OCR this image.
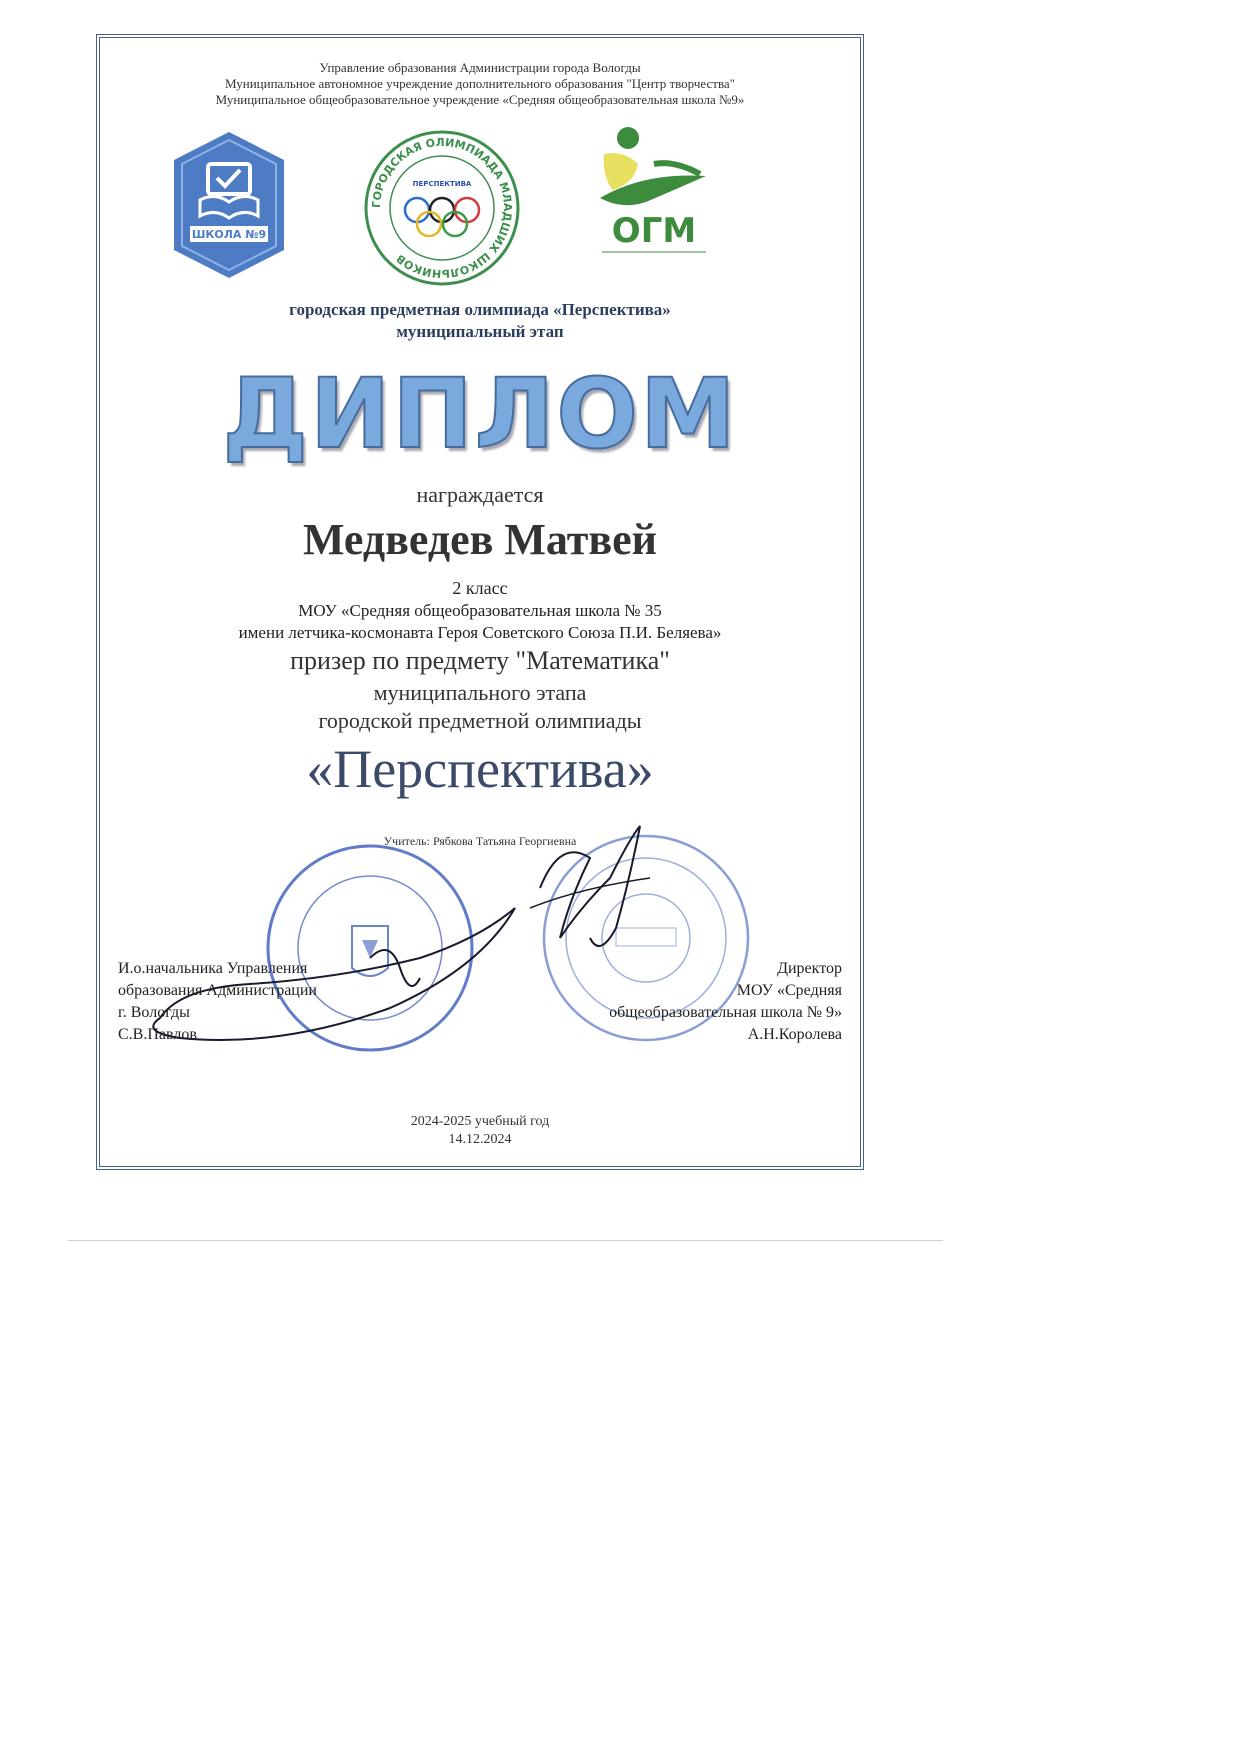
Управление образования Администрации города Вологды
Муниципальное автономное учреждение дополнительного образования "Центр творчества"
Муниципальное общеобразовательное учреждение «Средняя общеобразовательная школа №9»
ШКОЛА №9
ГОРОДСКАЯ ОЛИМПИАДА МЛАДШИХ ШКОЛЬНИКОВ
ПЕРСПЕКТИВА
ОГМ
городская предметная олимпиада «Перспектива»
муниципальный этап
ДИПЛОМ
награждается
Медведев Матвей
2 класс
МОУ «Средняя общеобразовательная школа № 35
имени летчика-космонавта Героя Советского Союза П.И. Беляева»
призер по предмету "Математика"
муниципального этапа
городской предметной олимпиады
«Перспектива»
Учитель: Рябкова Татьяна Георгиевна
И.о.начальника Управления
образования Администрации
г. Вологды
С.В.Павлов
Директор
МОУ «Средняя
общеобразовательная школа № 9»
А.Н.Королева
2024-2025 учебный год
14.12.2024
